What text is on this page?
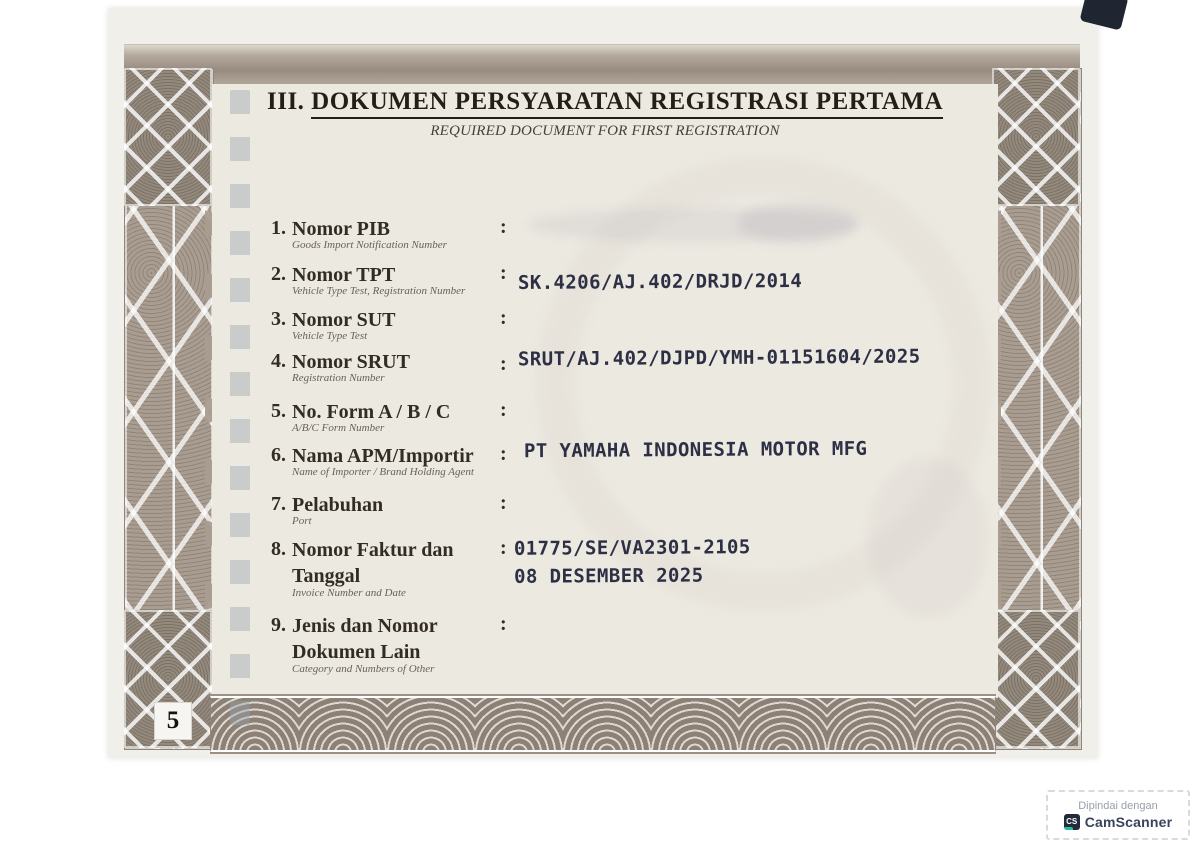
III. DOKUMEN PERSYARATAN REGISTRASI PERTAMA
REQUIRED DOCUMENT FOR FIRST REGISTRATION
1. Nomor PIB
Goods Import Notification Number
:
2. Nomor TPT
Vehicle Type Test, Registration Number
:
3. Nomor SUT
Vehicle Type Test
:
4. Nomor SRUT
Registration Number
:
5. No. Form A / B / C
A/B/C Form Number
:
6. Nama APM/Importir
Name of Importer / Brand Holding Agent
:
7. Pelabuhan
Port
:
8. Nomor Faktur dan Tanggal
Invoice Number and Date
:
9. Jenis dan Nomor Dokumen Lain
Category and Numbers of Other
:
SK.4206/AJ.402/DRJD/2014
SRUT/AJ.402/DJPD/YMH-01151604/2025
PT YAMAHA INDONESIA MOTOR MFG
01775/SE/VA2301-2105
08 DESEMBER 2025
5
Dipindai dengan
CS CamScanner
